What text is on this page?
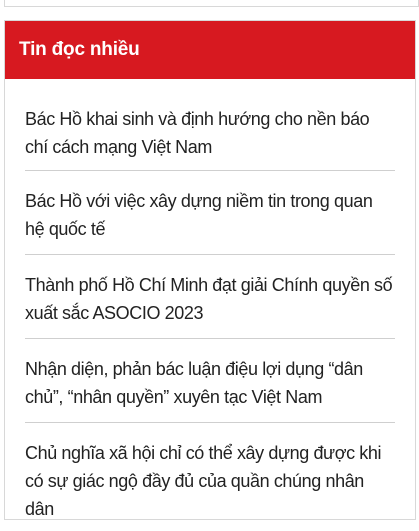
Tin đọc nhiều
Bác Hồ khai sinh và định hướng cho nền báo chí cách mạng Việt Nam
Bác Hồ với việc xây dựng niềm tin trong quan hệ quốc tế
Thành phố Hồ Chí Minh đạt giải Chính quyền số xuất sắc ASOCIO 2023
Nhận diện, phản bác luận điệu lợi dụng “dân chủ”, “nhân quyền” xuyên tạc Việt Nam
Chủ nghĩa xã hội chỉ có thể xây dựng được khi có sự giác ngộ đầy đủ của quần chúng nhân dân
